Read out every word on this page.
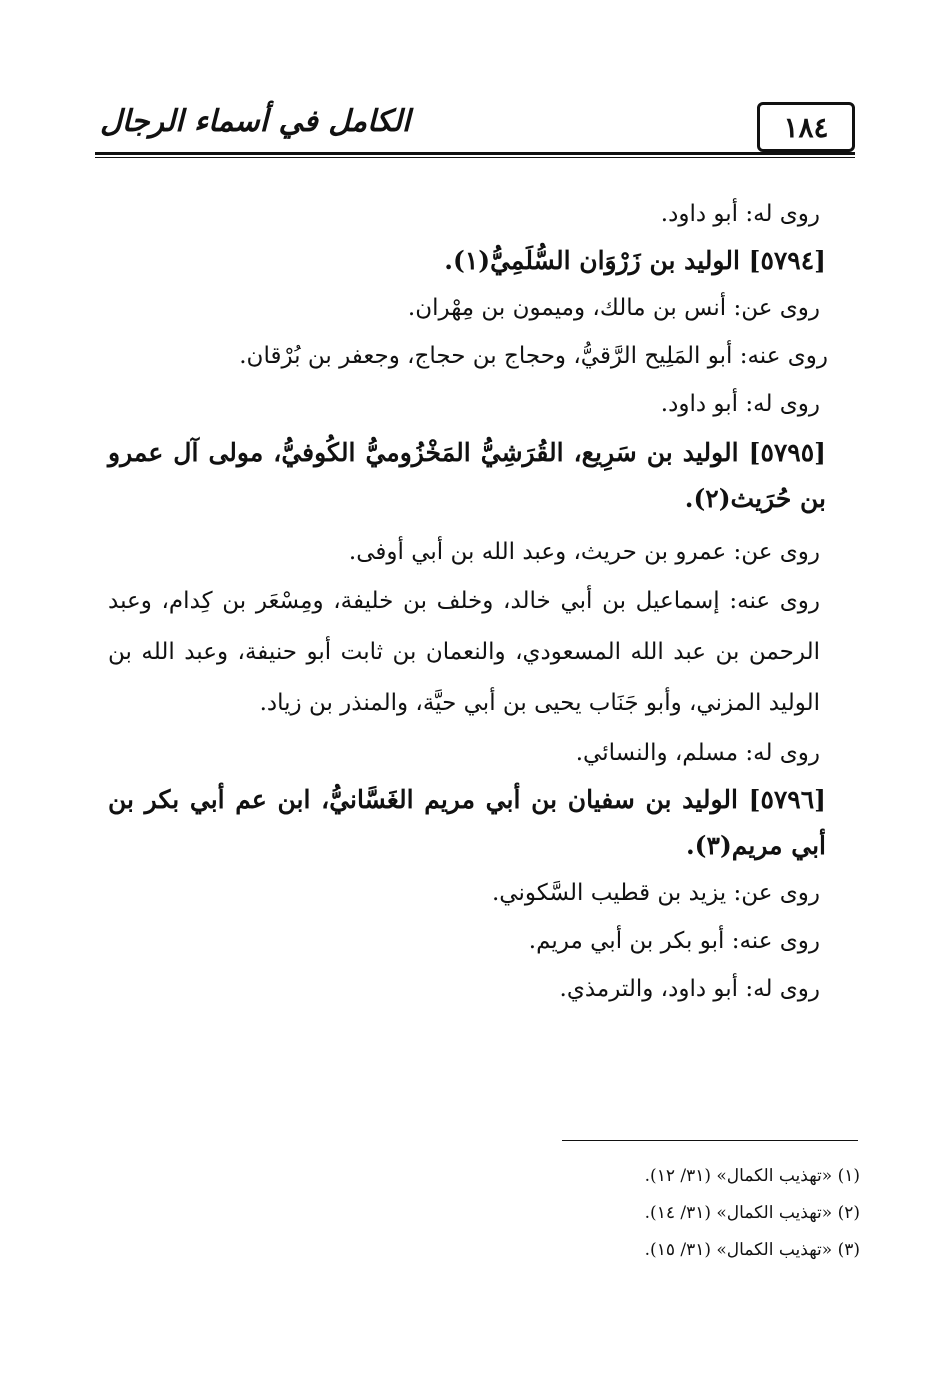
الكامل في أسماء الرجال	١٨٤
روى له: أبو داود.
[٥٧٩٤] الوليد بن زَرْوَان السُّلَمِيُّ(١).
روى عن: أنس بن مالك، وميمون بن مِهْران.
روى عنه: أبو المَلِيح الرَّقيُّ، وحجاج بن حجاج، وجعفر بن بُرْقان.
روى له: أبو داود.
[٥٧٩٥] الوليد بن سَرِيع، القُرَشِيُّ المَخْزُوميُّ الكُوفيُّ، مولى آل عمرو بن حُرَيث(٢).
روى عن: عمرو بن حريث، وعبد الله بن أبي أوفى.
روى عنه: إسماعيل بن أبي خالد، وخلف بن خليفة، ومِسْعَر بن كِدام، وعبد الرحمن بن عبد الله المسعودي، والنعمان بن ثابت أبو حنيفة، وعبد الله بن الوليد المزني، وأبو جَنَاب يحيى بن أبي حيَّة، والمنذر بن زياد.
روى له: مسلم، والنسائي.
[٥٧٩٦] الوليد بن سفيان بن أبي مريم الغَسَّانيُّ، ابن عم أبي بكر بن أبي مريم(٣).
روى عن: يزيد بن قطيب السَّكوني.
روى عنه: أبو بكر بن أبي مريم.
روى له: أبو داود، والترمذي.
(١) «تهذيب الكمال» (٣١/ ١٢).
(٢) «تهذيب الكمال» (٣١/ ١٤).
(٣) «تهذيب الكمال» (٣١/ ١٥).
